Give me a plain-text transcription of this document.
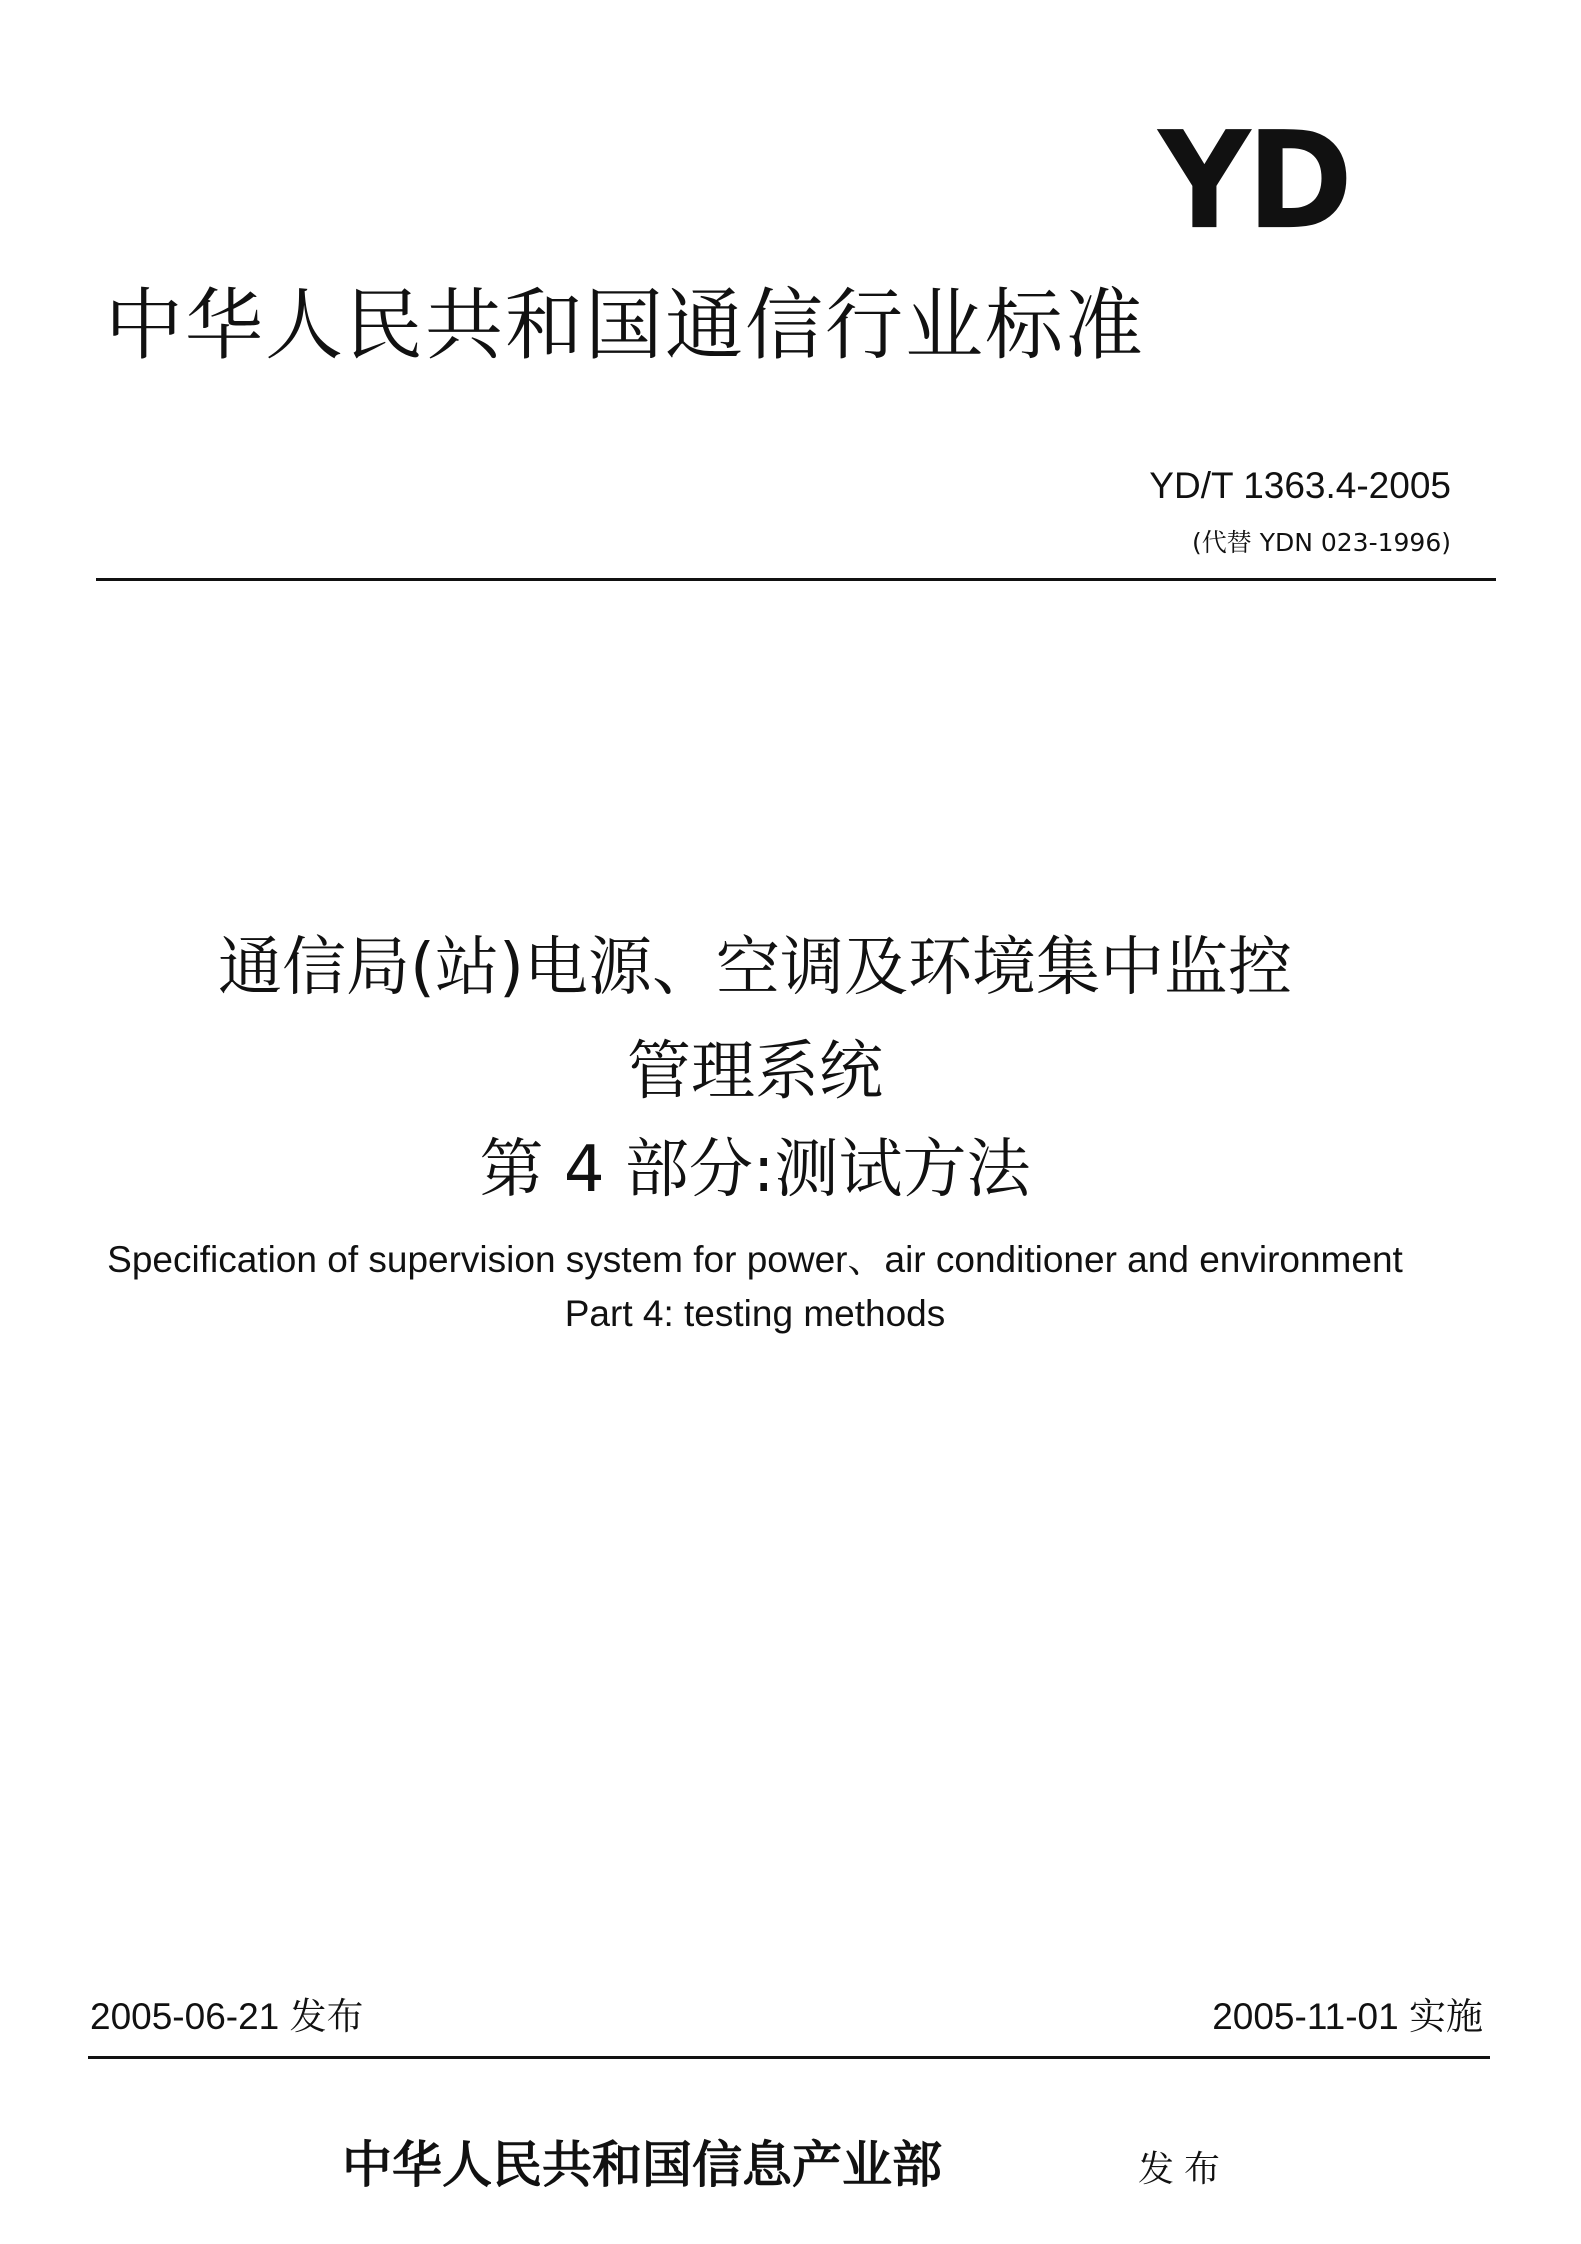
YD
中华人民共和国通信行业标准
YD/T 1363.4-2005
(代替 YDN 023-1996)
通信局(站)电源、空调及环境集中监控
管理系统
第 4 部分:测试方法
Specification of supervision system for power、air conditioner and environment
Part 4: testing methods
2005-06-21 发布	2005-11-01 实施
中华人民共和国信息产业部	发布
